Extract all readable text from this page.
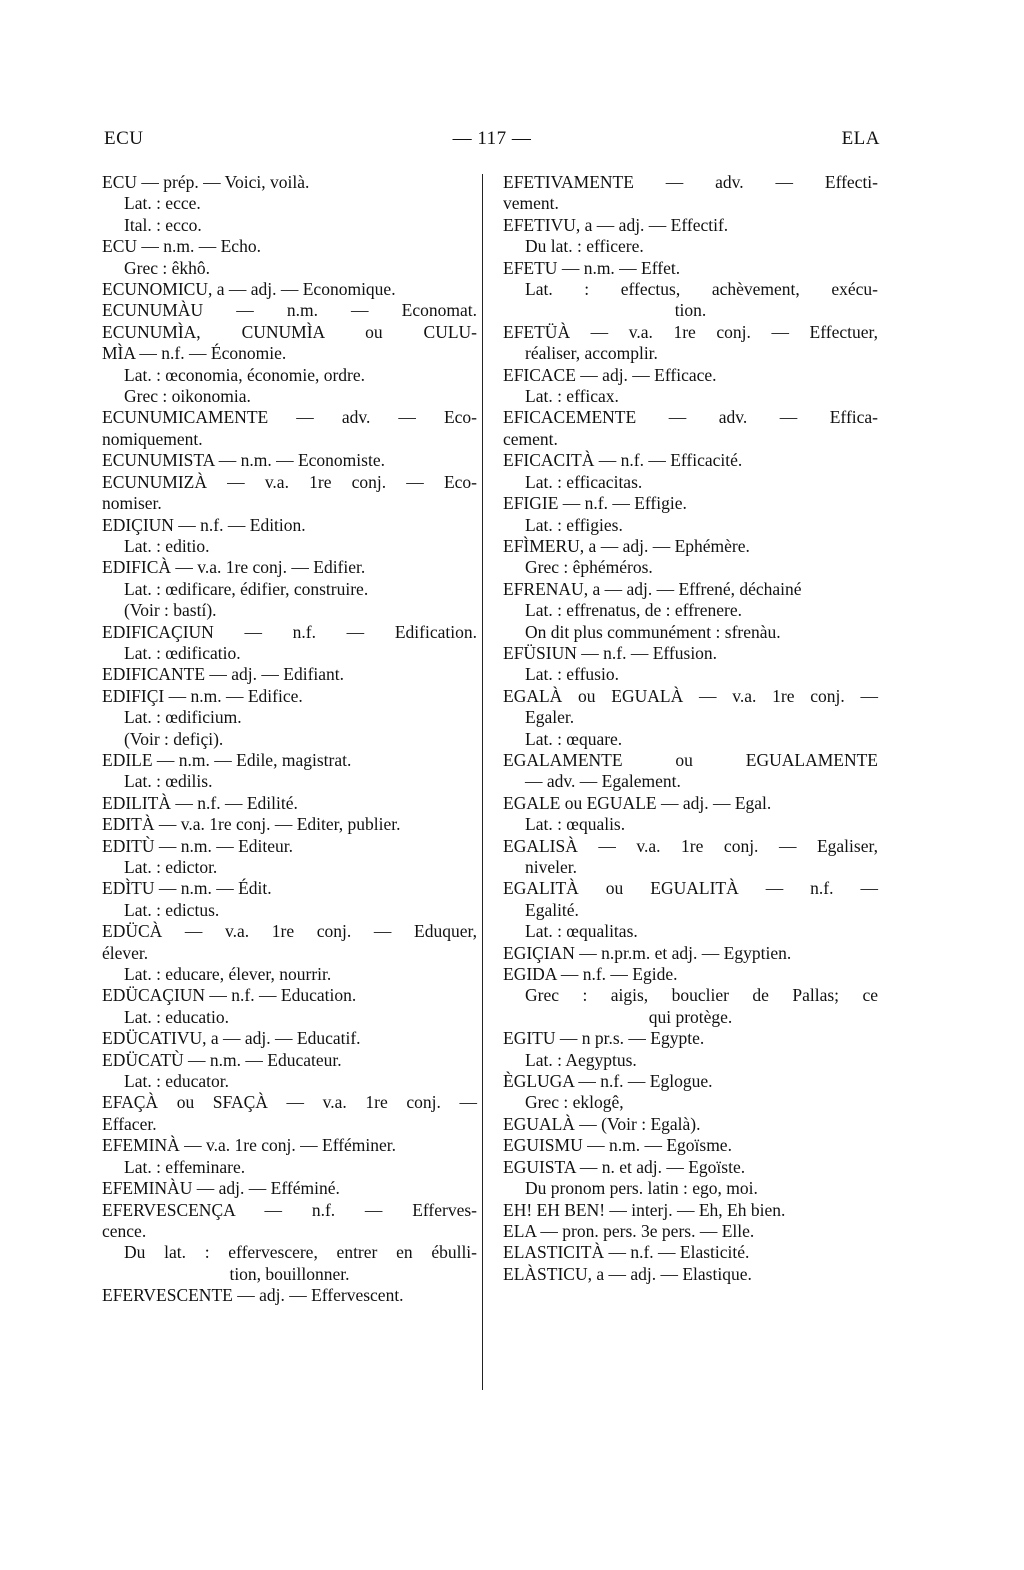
ECU	— 117 —	ELA
ECU — prép. — Voici, voilà.
Lat. : ecce.
Ital. : ecco.
ECU — n.m. — Echo.
Grec : êkhô.
ECUNOMICU, a — adj. — Economique.
ECUNUMÀU — n.m. — Economat.
ECUNUMÌA, CUNUMÌA ou CULU-
MÌA — n.f. — Économie.
Lat. : œconomia, économie, ordre.
Grec : oikonomia.
ECUNUMICAMENTE — adv. — Eco-
nomiquement.
ECUNUMISTA — n.m. — Economiste.
ECUNUMIZÀ — v.a. 1re conj. — Eco-
nomiser.
EDIÇIUN — n.f. — Edition.
Lat. : editio.
EDIFICÀ — v.a. 1re conj. — Edifier.
Lat. : œdificare, édifier, construire.
(Voir : bastí).
EDIFICAÇIUN — n.f. — Edification.
Lat. : œdificatio.
EDIFICANTE — adj. — Edifiant.
EDIFIÇI — n.m. — Edifice.
Lat. : œdificium.
(Voir : defiçi).
EDILE — n.m. — Edile, magistrat.
Lat. : œdilis.
EDILITÀ — n.f. — Edilité.
EDITÀ — v.a. 1re conj. — Editer, publier.
EDITÙ — n.m. — Editeur.
Lat. : edictor.
EDÌTU — n.m. — Édit.
Lat. : edictus.
EDÜCÀ — v.a. 1re conj. — Eduquer,
élever.
Lat. : educare, élever, nourrir.
EDÜCAÇIUN — n.f. — Education.
Lat. : educatio.
EDÜCATIVU, a — adj. — Educatif.
EDÜCATÙ — n.m. — Educateur.
Lat. : educator.
EFAÇÀ ou SFAÇÀ — v.a. 1re conj. —
Effacer.
EFEMINÀ — v.a. 1re conj. — Efféminer.
Lat. : effeminare.
EFEMINÀU — adj. — Efféminé.
EFERVESCENÇA — n.f. — Efferves-
cence.
Du lat. : effervescere, entrer en ébulli-
tion, bouillonner.
EFERVESCENTE — adj. — Effervescent.
EFETIVAMENTE — adv. — Effecti-
vement.
EFETIVU, a — adj. — Effectif.
Du lat. : efficere.
EFETU — n.m. — Effet.
Lat. : effectus, achèvement, exécu-
tion.
EFETÜÀ — v.a. 1re conj. — Effectuer,
réaliser, accomplir.
EFICACE — adj. — Efficace.
Lat. : efficax.
EFICACEMENTE — adv. — Effica-
cement.
EFICACITÀ — n.f. — Efficacité.
Lat. : efficacitas.
EFIGIE — n.f. — Effigie.
Lat. : effigies.
EFÌMERU, a — adj. — Ephémère.
Grec : êphéméros.
EFRENAU, a — adj. — Effrené, déchainé
Lat. : effrenatus, de : effrenere.
On dit plus communément : sfrenàu.
EFÜSIUN — n.f. — Effusion.
Lat. : effusio.
EGALÀ ou EGUALÀ — v.a. 1re conj. —
Egaler.
Lat. : œquare.
EGALAMENTE ou EGUALAMENTE
— adv. — Egalement.
EGALE ou EGUALE — adj. — Egal.
Lat. : œqualis.
EGALISÀ — v.a. 1re conj. — Egaliser,
niveler.
EGALITÀ ou EGUALITÀ — n.f. —
Egalité.
Lat. : œqualitas.
EGIÇIAN — n.pr.m. et adj. — Egyptien.
EGIDA — n.f. — Egide.
Grec : aigis, bouclier de Pallas; ce
qui protège.
EGITU — n pr.s. — Egypte.
Lat. : Aegyptus.
ÈGLUGA — n.f. — Eglogue.
Grec : eklogê,
EGUALÀ — (Voir : Egalà).
EGUISMU — n.m. — Egoïsme.
EGUISTA — n. et adj. — Egoïste.
Du pronom pers. latin : ego, moi.
EH! EH BEN! — interj. — Eh, Eh bien.
ELA — pron. pers. 3e pers. — Elle.
ELASTICITÀ — n.f. — Elasticité.
ELÀSTICU, a — adj. — Elastique.
